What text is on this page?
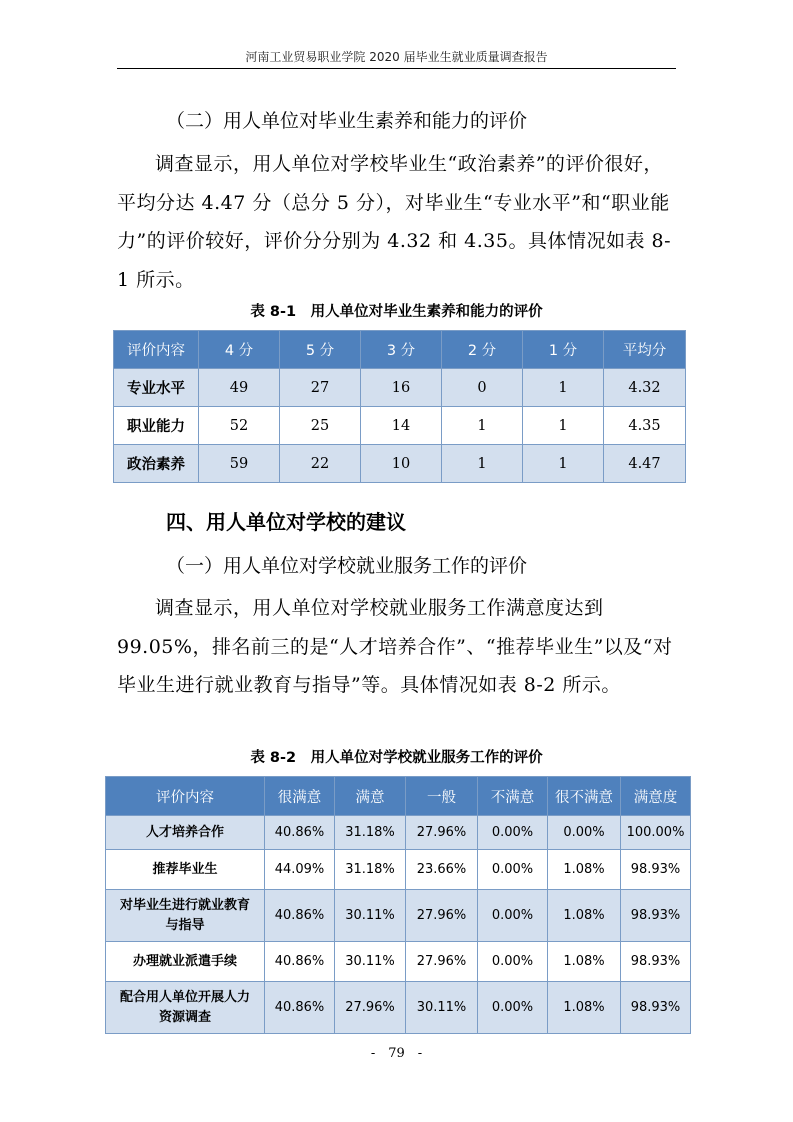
河南工业贸易职业学院 2020 届毕业生就业质量调查报告
（二）用人单位对毕业生素养和能力的评价

调查显示，用人单位对学校毕业生“政治素养”的评价很好，平均分达 4.47 分（总分 5 分），对毕业生“专业水平”和“职业能力”的评价较好，评价分分别为 4.32 和 4.35。具体情况如表 8-1 所示。

表 8-1　用人单位对毕业生素养和能力的评价
评价内容	4 分	5 分	3 分	2 分	1 分	平均分
专业水平	49	27	16	0	1	4.32
职业能力	52	25	14	1	1	4.35
政治素养	59	22	10	1	1	4.47
四、用人单位对学校的建议
（一）用人单位对学校就业服务工作的评价

调查显示，用人单位对学校就业服务工作满意度达到 99.05%，排名前三的是“人才培养合作”、“推荐毕业生”以及“对毕业生进行就业教育与指导”等。具体情况如表 8-2 所示。

表 8-2　用人单位对学校就业服务工作的评价
评价内容	很满意	满意	一般	不满意	很不满意	满意度
人才培养合作	40.86%	31.18%	27.96%	0.00%	0.00%	100.00%
推荐毕业生	44.09%	31.18%	23.66%	0.00%	1.08%	98.93%
对毕业生进行就业教育与指导	40.86%	30.11%	27.96%	0.00%	1.08%	98.93%
办理就业派遣手续	40.86%	30.11%	27.96%	0.00%	1.08%	98.93%
配合用人单位开展人力资源调查	40.86%	27.96%	30.11%	0.00%	1.08%	98.93%
-　79　-
